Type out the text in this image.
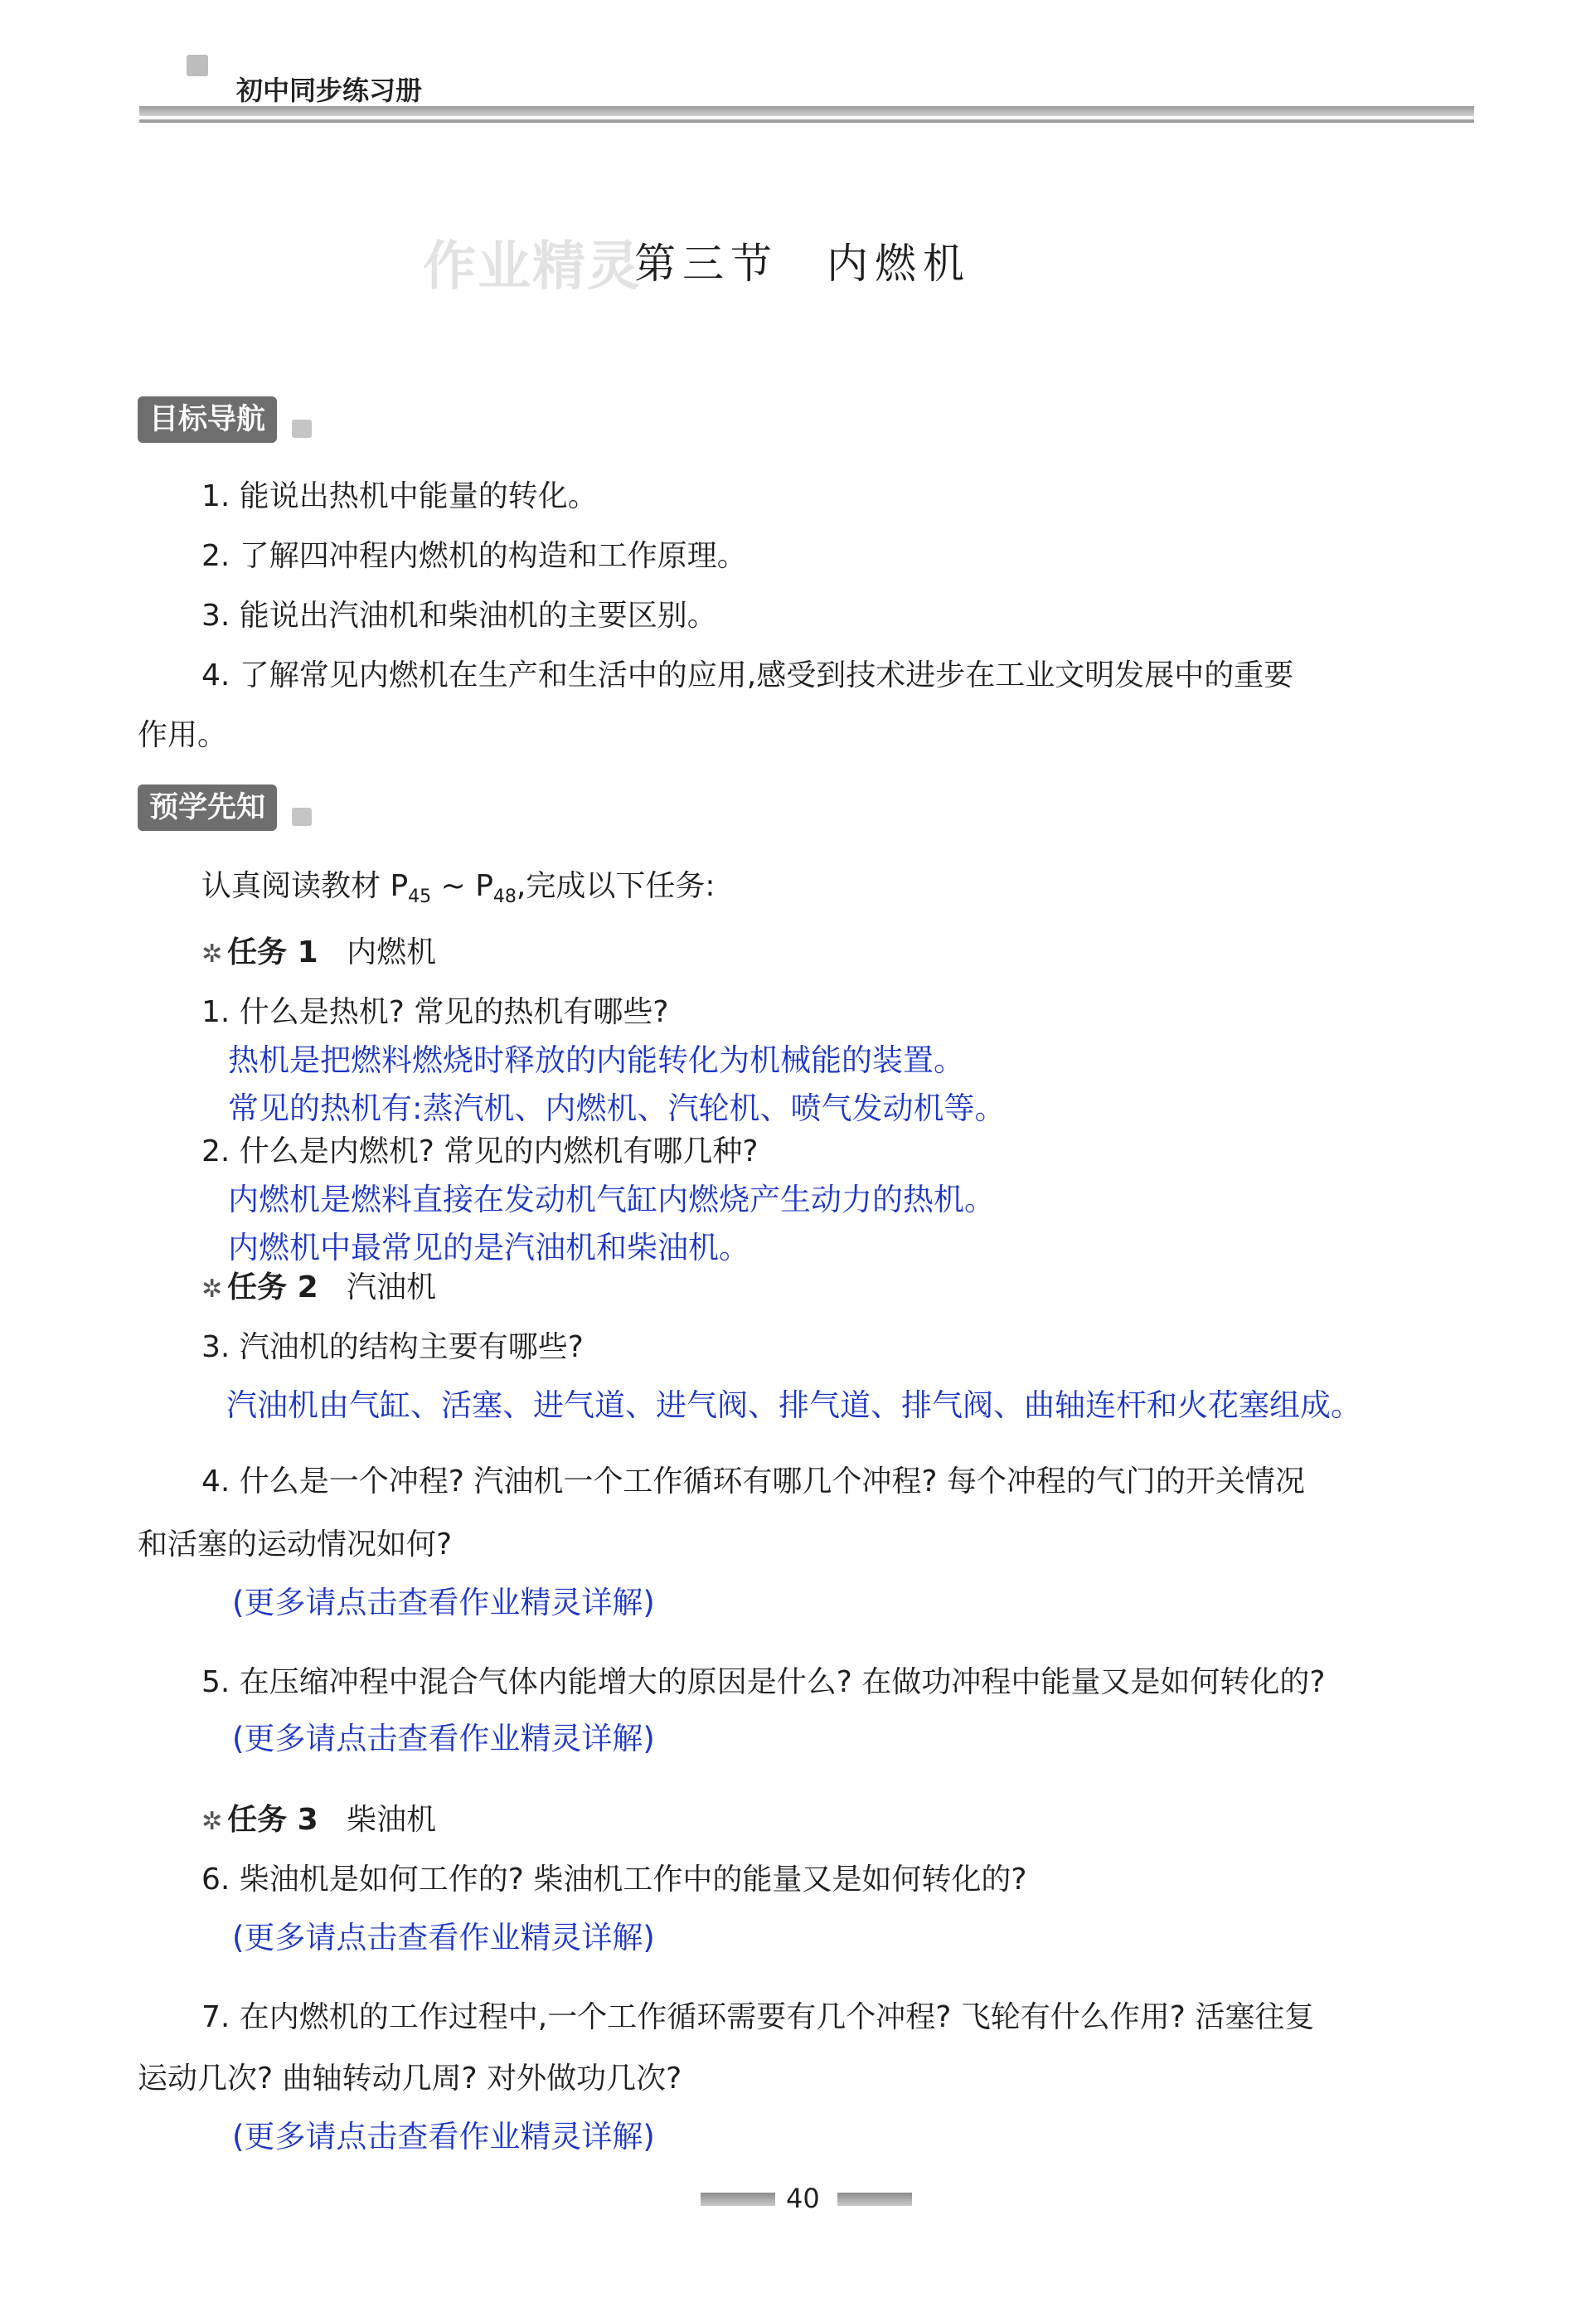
初中同步练习册
作业精灵
第三节　内燃机
目标导航
1. 能说出热机中能量的转化。
2. 了解四冲程内燃机的构造和工作原理。
3. 能说出汽油机和柴油机的主要区别。
4. 了解常见内燃机在生产和生活中的应用,感受到技术进步在工业文明发展中的重要
作用。
预学先知
认真阅读教材 $P_{45}$ ~ $P_{48}$,完成以下任务:
✲ 任务 1 内燃机
1. 什么是热机? 常见的热机有哪些?
热机是把燃料燃烧时释放的内能转化为机械能的装置。
常见的热机有:蒸汽机、内燃机、汽轮机、喷气发动机等。
2. 什么是内燃机? 常见的内燃机有哪几种?
内燃机是燃料直接在发动机气缸内燃烧产生动力的热机。
内燃机中最常见的是汽油机和柴油机。
✲ 任务 2 汽油机
3. 汽油机的结构主要有哪些?
汽油机由气缸、活塞、进气道、进气阀、排气道、排气阀、曲轴连杆和火花塞组成。
4. 什么是一个冲程? 汽油机一个工作循环有哪几个冲程? 每个冲程的气门的开关情况
和活塞的运动情况如何?
(更多请点击查看作业精灵详解)
5. 在压缩冲程中混合气体内能增大的原因是什么? 在做功冲程中能量又是如何转化的?
(更多请点击查看作业精灵详解)
✲ 任务 3 柴油机
6. 柴油机是如何工作的? 柴油机工作中的能量又是如何转化的?
(更多请点击查看作业精灵详解)
7. 在内燃机的工作过程中,一个工作循环需要有几个冲程? 飞轮有什么作用? 活塞往复
运动几次? 曲轴转动几周? 对外做功几次?
(更多请点击查看作业精灵详解)
40
